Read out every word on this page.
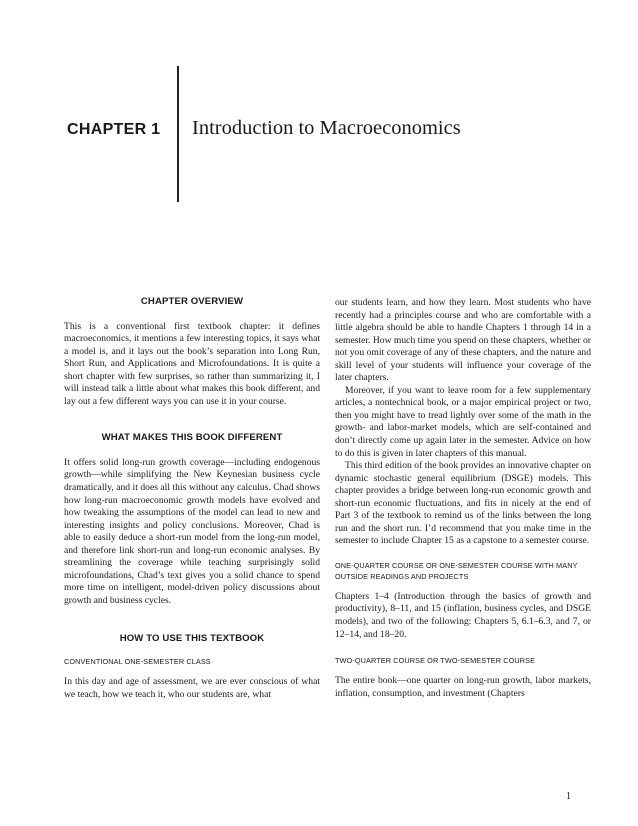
CHAPTER 1 Introduction to Macroeconomics
CHAPTER OVERVIEW

This is a conventional first textbook chapter: it defines macroeconomics, it mentions a few interesting topics, it says what a model is, and it lays out the book’s separation into Long Run, Short Run, and Applications and Microfoundations. It is quite a short chapter with few surprises, so rather than summarizing it, I will instead talk a little about what makes this book different, and lay out a few different ways you can use it in your course.

WHAT MAKES THIS BOOK DIFFERENT

It offers solid long-run growth coverage—including endogenous growth—while simplifying the New Keynesian business cycle dramatically, and it does all this without any calculus. Chad shows how long-run macroeconomic growth models have evolved and how tweaking the assumptions of the model can lead to new and interesting insights and policy conclusions. Moreover, Chad is able to easily deduce a short-run model from the long-run model, and therefore link short-run and long-run economic analyses. By streamlining the coverage while teaching surprisingly solid microfoundations, Chad’s text gives you a solid chance to spend more time on intelligent, model-driven policy discussions about growth and business cycles.

HOW TO USE THIS TEXTBOOK
CONVENTIONAL ONE-SEMESTER CLASS

In this day and age of assessment, we are ever conscious of what we teach, how we teach it, who our students are, what

our students learn, and how they learn. Most students who have recently had a principles course and who are comfortable with a little algebra should be able to handle Chapters 1 through 14 in a semester. How much time you spend on these chapters, whether or not you omit coverage of any of these chapters, and the nature and skill level of your students will influence your coverage of the later chapters.

Moreover, if you want to leave room for a few supplementary articles, a nontechnical book, or a major empirical project or two, then you might have to tread lightly over some of the math in the growth- and labor-market models, which are self-contained and don’t directly come up again later in the semester. Advice on how to do this is given in later chapters of this manual.

This third edition of the book provides an innovative chapter on dynamic stochastic general equilibrium (DSGE) models. This chapter provides a bridge between long-run economic growth and short-run economic fluctuations, and fits in nicely at the end of Part 3 of the textbook to remind us of the links between the long run and the short run. I’d recommend that you make time in the semester to include Chapter 15 as a capstone to a semester course.

ONE-QUARTER COURSE OR ONE-SEMESTER COURSE WITH MANY OUTSIDE READINGS AND PROJECTS

Chapters 1–4 (Introduction through the basics of growth and productivity), 8–11, and 15 (inflation, business cycles, and DSGE models), and two of the following: Chapters 5, 6.1–6.3, and 7, or 12–14, and 18–20.

TWO-QUARTER COURSE OR TWO-SEMESTER COURSE

The entire book—one quarter on long-run growth, labor markets, inflation, consumption, and investment (Chapters

1
